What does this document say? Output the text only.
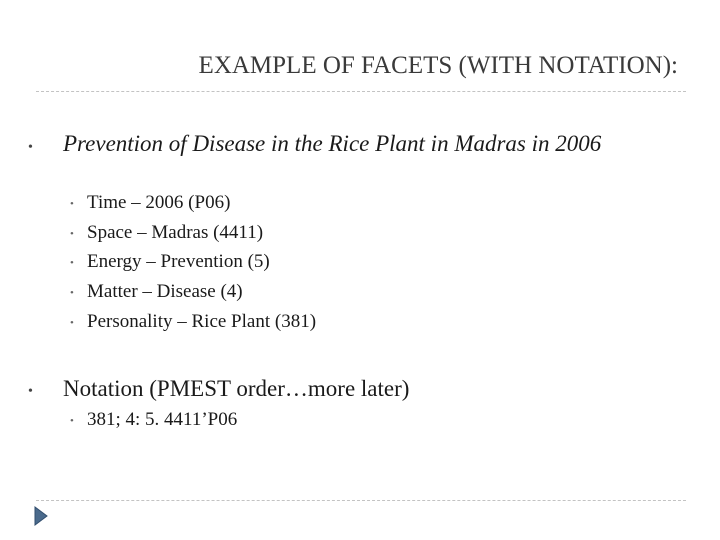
EXAMPLE OF FACETS (WITH NOTATION):
• Prevention of Disease in the Rice Plant in Madras in 2006
• Time – 2006 (P06)
• Space – Madras (4411)
• Energy – Prevention (5)
• Matter – Disease (4)
• Personality – Rice Plant (381)
• Notation (PMEST order…more later)
• 381; 4: 5. 4411’P06
